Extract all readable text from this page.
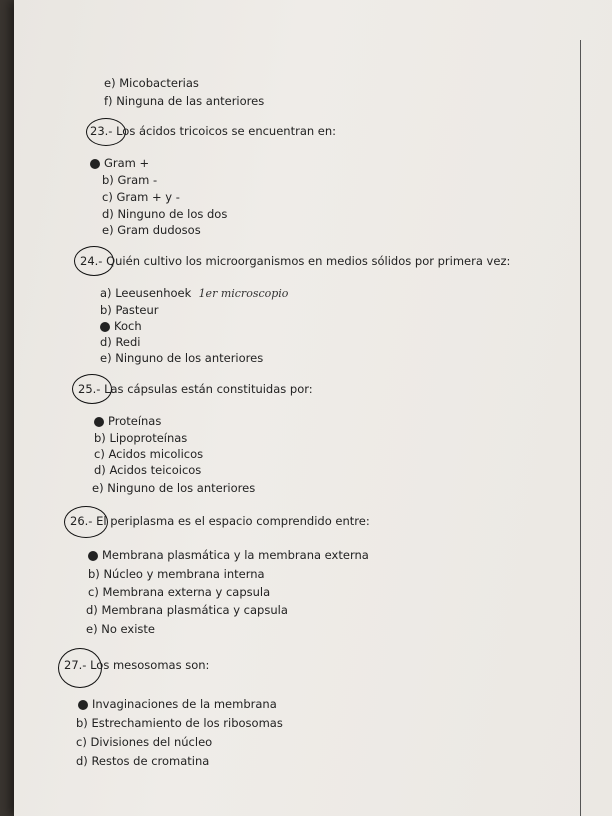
e) Micobacterias
f) Ninguna de las anteriores
23.- Los ácidos tricoicos se encuentran en:
Gram +
b) Gram -
c) Gram + y -
d) Ninguno de los dos
e) Gram dudosos
24.- Quién cultivo los microorganismos en medios sólidos por primera vez:
a) Leeusenhoek 1er microscopio
b) Pasteur
Koch
d) Redi
e) Ninguno de los anteriores
25.- Las cápsulas están constituidas por:
Proteínas
b) Lipoproteínas
c) Acidos micolicos
d) Acidos teicoicos
e) Ninguno de los anteriores
26.- El periplasma es el espacio comprendido entre:
Membrana plasmática y la membrana externa
b) Núcleo y membrana interna
c) Membrana externa y capsula
d) Membrana plasmática y capsula
e) No existe
27.- Los mesosomas son:
Invaginaciones de la membrana
b) Estrechamiento de los ribosomas
c) Divisiones del núcleo
d) Restos de cromatina
